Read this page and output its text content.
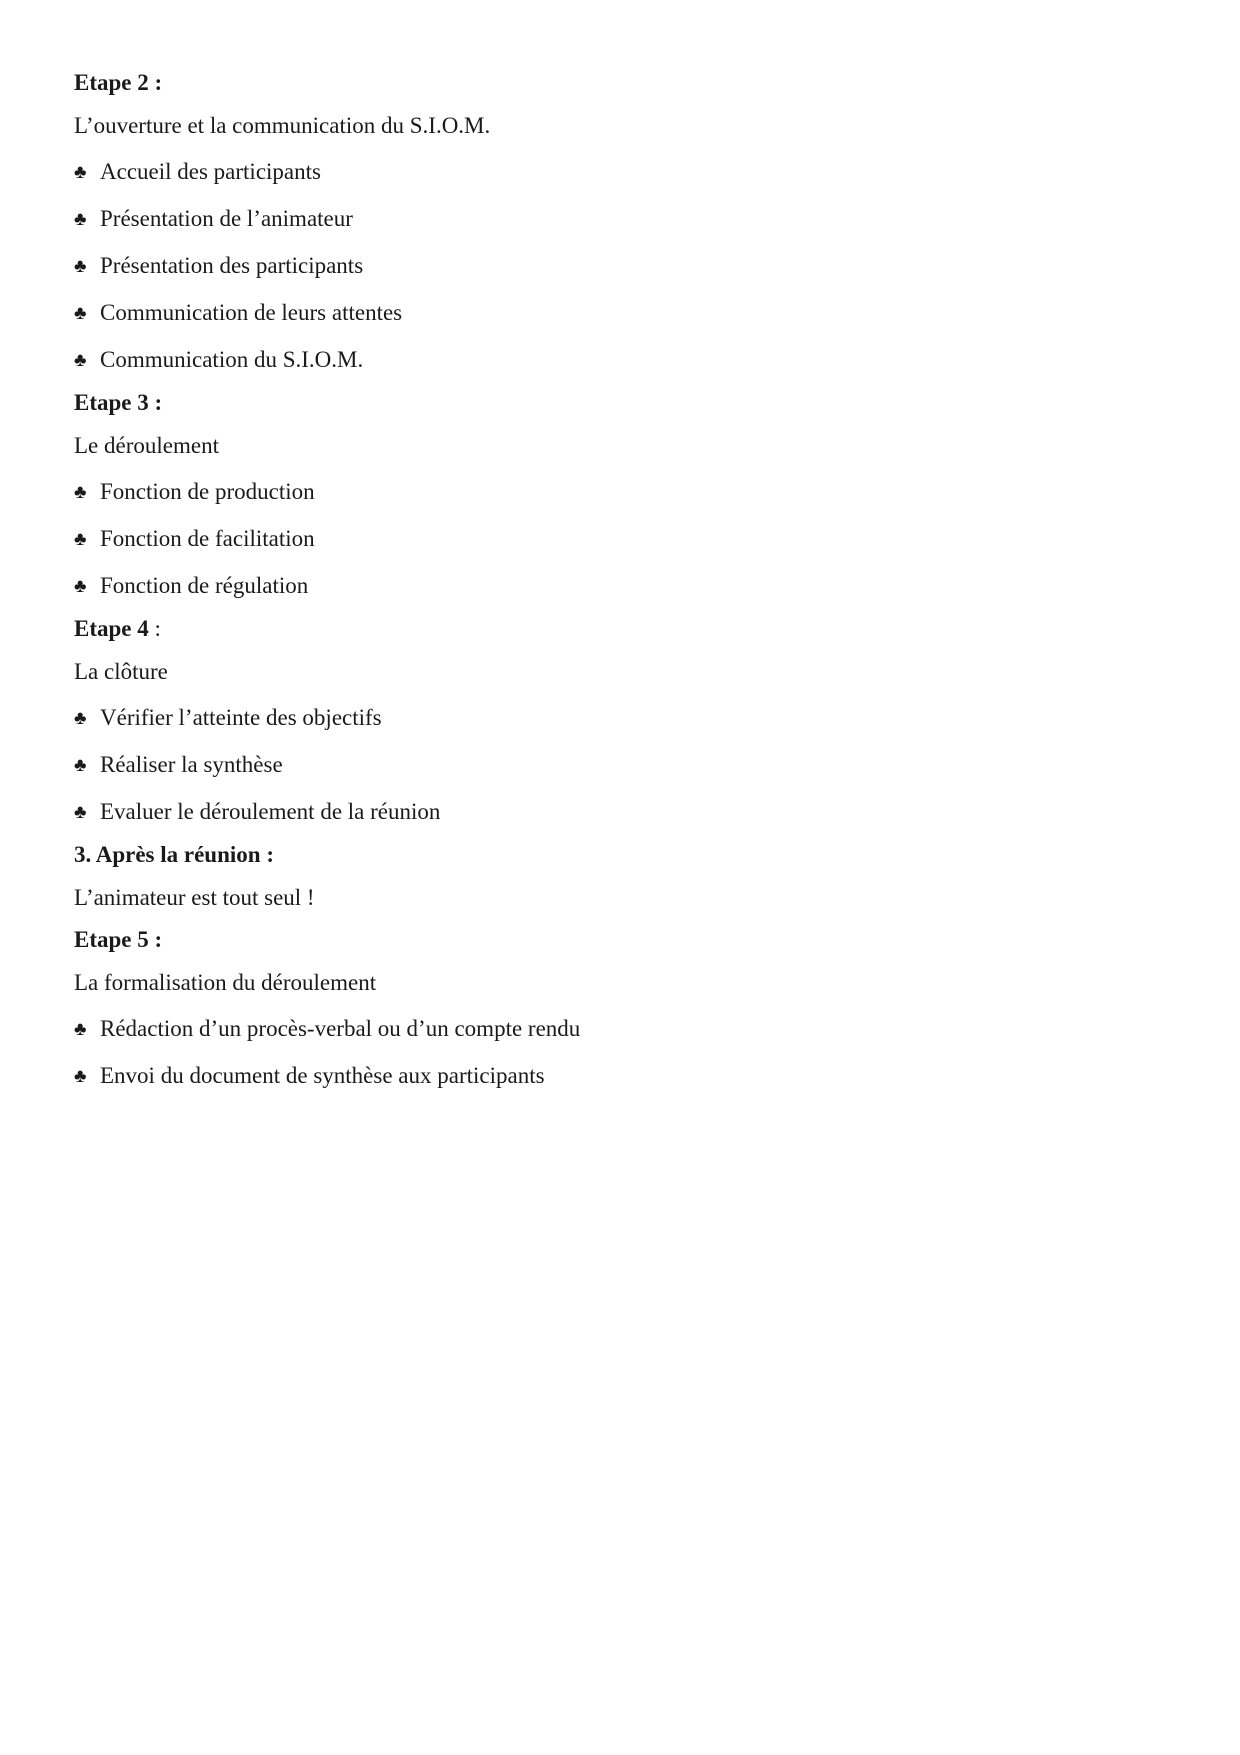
Etape 2 :
L’ouverture et la communication du S.I.O.M.
♣ Accueil des participants
♣ Présentation de l’animateur
♣ Présentation des participants
♣ Communication de leurs attentes
♣ Communication du S.I.O.M.
Etape 3 :
Le déroulement
♣ Fonction de production
♣ Fonction de facilitation
♣ Fonction de régulation
Etape 4 :
La clôture
♣ Vérifier l’atteinte des objectifs
♣ Réaliser la synthèse
♣ Evaluer le déroulement de la réunion
3. Après la réunion :
L’animateur est tout seul !
Etape 5 :
La formalisation du déroulement
♣ Rédaction d’un procès-verbal ou d’un compte rendu
♣ Envoi du document de synthèse aux participants
